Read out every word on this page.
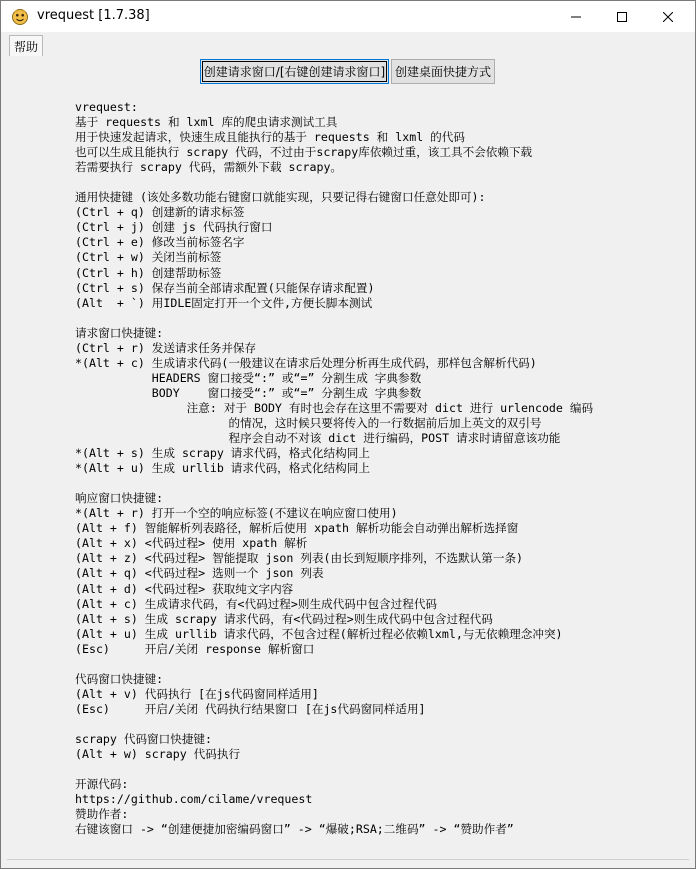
vrequest [1.7.38]
帮助
创建请求窗口/[右键创建请求窗口] 创建桌面快捷方式
vrequest:
基于 requests 和 lxml 库的爬虫请求测试工具
用于快速发起请求，快速生成且能执行的基于 requests 和 lxml 的代码
也可以生成且能执行 scrapy 代码，不过由于scrapy库依赖过重，该工具不会依赖下载
若需要执行 scrapy 代码，需额外下载 scrapy。

通用快捷键 (该处多数功能右键窗口就能实现，只要记得右键窗口任意处即可):
(Ctrl + q) 创建新的请求标签
(Ctrl + j) 创建 js 代码执行窗口
(Ctrl + e) 修改当前标签名字
(Ctrl + w) 关闭当前标签
(Ctrl + h) 创建帮助标签
(Ctrl + s) 保存当前全部请求配置(只能保存请求配置)
(Alt  + `) 用IDLE固定打开一个文件,方便长脚本测试

请求窗口快捷键:
(Ctrl + r) 发送请求任务并保存
*(Alt + c) 生成请求代码(一般建议在请求后处理分析再生成代码，那样包含解析代码)
HEADERS 窗口接受“:” 或“=” 分割生成 字典参数
BODY    窗口接受“:” 或“=” 分割生成 字典参数
注意: 对于 BODY 有时也会存在这里不需要对 dict 进行 urlencode 编码
的情况，这时候只要将传入的一行数据前后加上英文的双引号
程序会自动不对该 dict 进行编码，POST 请求时请留意该功能
*(Alt + s) 生成 scrapy 请求代码，格式化结构同上
*(Alt + u) 生成 urllib 请求代码，格式化结构同上

响应窗口快捷键:
*(Alt + r) 打开一个空的响应标签(不建议在响应窗口使用)
(Alt + f) 智能解析列表路径，解析后使用 xpath 解析功能会自动弹出解析选择窗
(Alt + x) <代码过程> 使用 xpath 解析
(Alt + z) <代码过程> 智能提取 json 列表(由长到短顺序排列，不选默认第一条)
(Alt + q) <代码过程> 选则一个 json 列表
(Alt + d) <代码过程> 获取纯文字内容
(Alt + c) 生成请求代码，有<代码过程>则生成代码中包含过程代码
(Alt + s) 生成 scrapy 请求代码，有<代码过程>则生成代码中包含过程代码
(Alt + u) 生成 urllib 请求代码，不包含过程(解析过程必依赖lxml,与无依赖理念冲突)
(Esc)     开启/关闭 response 解析窗口

代码窗口快捷键:
(Alt + v) 代码执行 [在js代码窗同样适用]
(Esc)     开启/关闭 代码执行结果窗口 [在js代码窗同样适用]

scrapy 代码窗口快捷键:
(Alt + w) scrapy 代码执行

开源代码:
https://github.com/cilame/vrequest
赞助作者:
右键该窗口 -> “创建便捷加密编码窗口” -> “爆破;RSA;二维码” -> “赞助作者”
